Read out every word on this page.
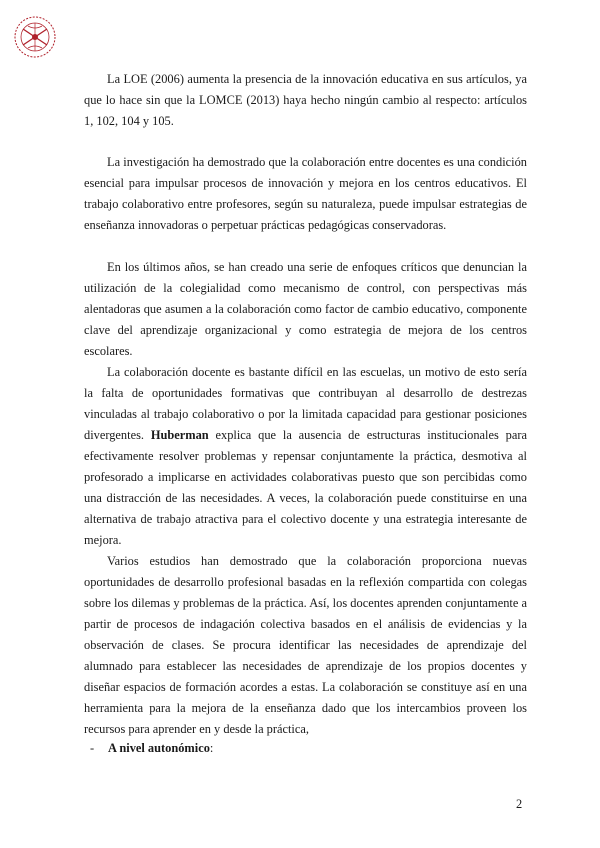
La LOE (2006) aumenta la presencia de la innovación educativa en sus artículos, ya que lo hace sin que la LOMCE (2013) haya hecho ningún cambio al respecto: artículos 1, 102, 104 y 105.

La investigación ha demostrado que la colaboración entre docentes es una condición esencial para impulsar procesos de innovación y mejora en los centros educativos. El trabajo colaborativo entre profesores, según su naturaleza, puede impulsar estrategias de enseñanza innovadoras o perpetuar prácticas pedagógicas conservadoras.

En los últimos años, se han creado una serie de enfoques críticos que denuncian la utilización de la colegialidad como mecanismo de control, con perspectivas más alentadoras que asumen a la colaboración como factor de cambio educativo, componente clave del aprendizaje organizacional y como estrategia de mejora de los centros escolares.

La colaboración docente es bastante difícil en las escuelas, un motivo de esto sería la falta de oportunidades formativas que contribuyan al desarrollo de destrezas vinculadas al trabajo colaborativo o por la limitada capacidad para gestionar posiciones divergentes. Huberman explica que la ausencia de estructuras institucionales para efectivamente resolver problemas y repensar conjuntamente la práctica, desmotiva al profesorado a implicarse en actividades colaborativas puesto que son percibidas como una distracción de las necesidades. A veces, la colaboración puede constituirse en una alternativa de trabajo atractiva para el colectivo docente y una estrategia interesante de mejora.

Varios estudios han demostrado que la colaboración proporciona nuevas oportunidades de desarrollo profesional basadas en la reflexión compartida con colegas sobre los dilemas y problemas de la práctica. Así, los docentes aprenden conjuntamente a partir de procesos de indagación colectiva basados en el análisis de evidencias y la observación de clases. Se procura identificar las necesidades de aprendizaje del alumnado para establecer las necesidades de aprendizaje de los propios docentes y diseñar espacios de formación acordes a estas. La colaboración se constituye así en una herramienta para la mejora de la enseñanza dado que los intercambios proveen los recursos para aprender en y desde la práctica,

- A nivel autonómico:
2
